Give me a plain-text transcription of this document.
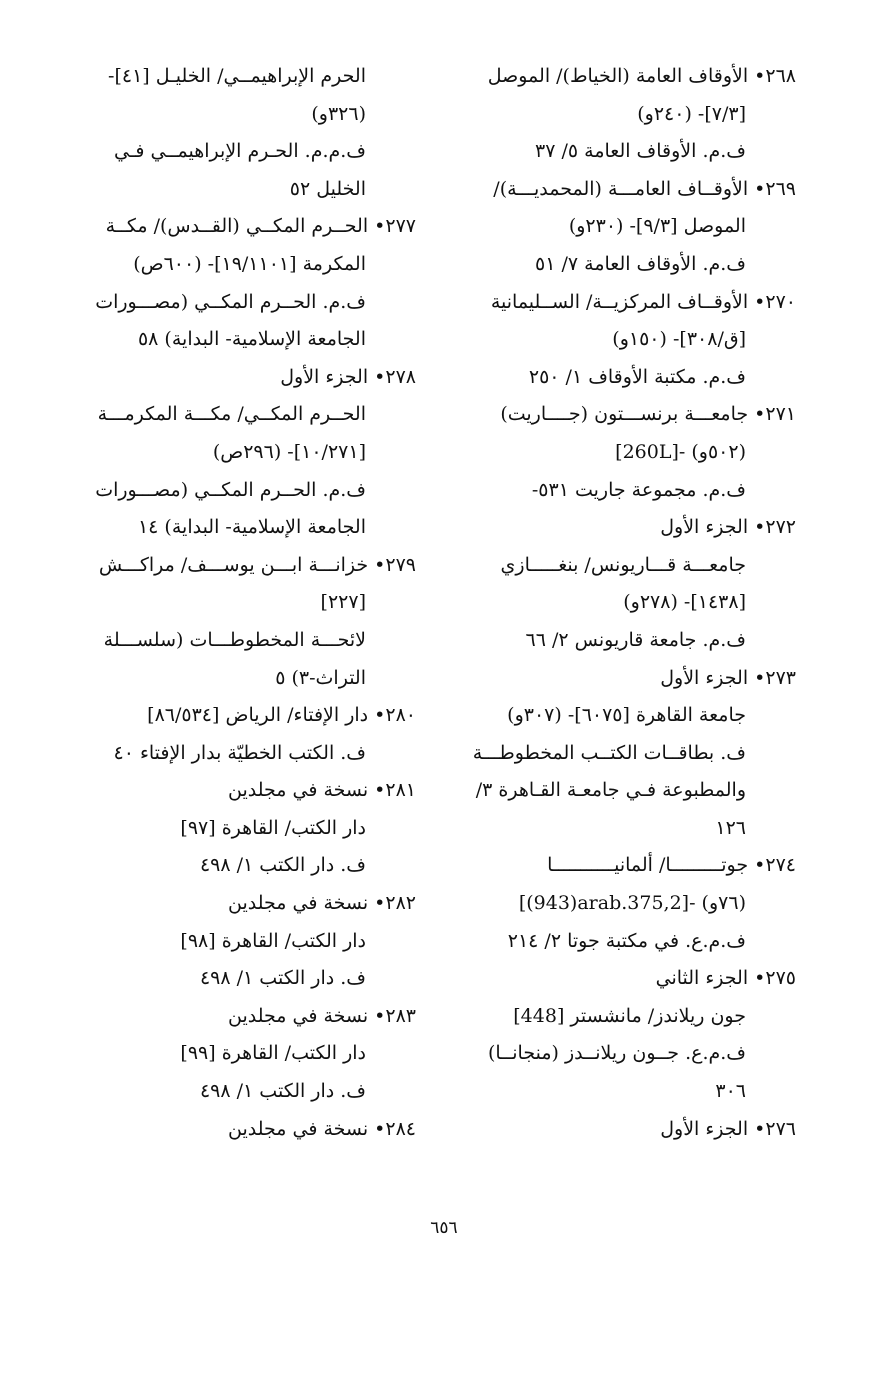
٢٦٨• الأوقاف العامة (الخياط)/ الموصل
[٧/٣]- (٢٤٠و)
ف.م. الأوقاف العامة ٥/ ٣٧
٢٦٩• الأوقــاف العامـــة (المحمديـــة)/
الموصل [٩/٣]- (٢٣٠و)
ف.م. الأوقاف العامة ٧/ ٥١
٢٧٠• الأوقــاف المركزيــة/ الســليمانية
[ق/٣٠٨]- (١٥٠و)
ف.م. مكتبة الأوقاف ١/ ٢٥٠
٢٧١• جامعـــة برنســـتون (جــــاريت)
[260L]- (٥٠٢و)
ف.م. مجموعة جاريت ٥٣١-
٢٧٢• الجزء الأول
جامعـــة قـــاريونس/ بنغـــــازي
[١٤٣٨]- (٢٧٨و)
ف.م. جامعة قاريونس ٢/ ٦٦
٢٧٣• الجزء الأول
جامعة القاهرة [٦٠٧٥]- (٣٠٧و)
ف. بطاقــات الكتــب المخطوطـــة
والمطبوعة فـي جامعـة القـاهرة ٣/
١٢٦
٢٧٤• جوتـــــــــا/ ألمانيـــــــــــا
[(943)arab.375,2]- (٧٦و)
ف.م.ع. في مكتبة جوتا ٢/ ٢١٤
٢٧٥• الجزء الثاني
جون ريلاندز/ مانشستر [448]
ف.م.ع. جــون ريلانــدز (منجانــا)
٣٠٦
٢٧٦• الجزء الأول
الحرم الإبراهيمــي/ الخليـل [٤١]-
(٣٢٦و)
ف.م.م. الحـرم الإبراهيمــي فـي
الخليل ٥٢
٢٧٧• الحــرم المكــي (القــدس)/ مكــة
المكرمة [١٩/١١٠١]- (٦٠٠ص)
ف.م. الحــرم المكــي (مصـــورات
الجامعة الإسلامية- البداية) ٥٨
٢٧٨• الجزء الأول
الحــرم المكــي/ مكـــة المكرمـــة
[١٠/٢٧١]- (٢٩٦ص)
ف.م. الحــرم المكــي (مصـــورات
الجامعة الإسلامية- البداية) ١٤
٢٧٩• خزانـــة ابـــن يوســـف/ مراكـــش
[٢٢٧]
لائحـــة المخطوطـــات (سلســـلة
التراث-٣) ٥
٢٨٠• دار الإفتاء/ الرياض [٨٦/٥٣٤]
ف. الكتب الخطيّة بدار الإفتاء ٤٠
٢٨١• نسخة في مجلدين
دار الكتب/ القاهرة [٩٧]
ف. دار الكتب ١/ ٤٩٨
٢٨٢• نسخة في مجلدين
دار الكتب/ القاهرة [٩٨]
ف. دار الكتب ١/ ٤٩٨
٢٨٣• نسخة في مجلدين
دار الكتب/ القاهرة [٩٩]
ف. دار الكتب ١/ ٤٩٨
٢٨٤• نسخة في مجلدين
٦٥٦
